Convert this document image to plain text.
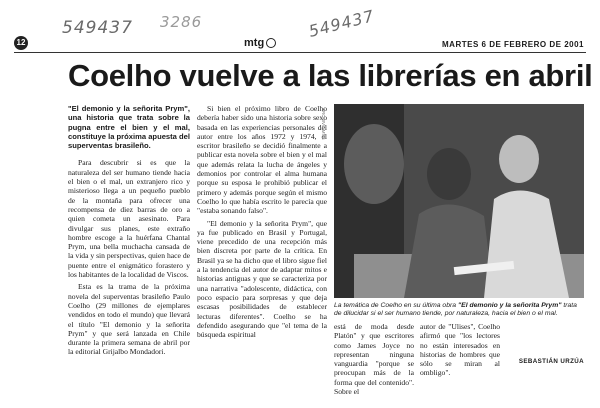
549437 3286	549437
12	mtg	MARTES 6 DE FEBRERO DE 2001
Coelho vuelve a las librerías en abril

"El demonio y la señorita Prym", una historia que trata sobre la pugna entre el bien y el mal, constituye la próxima apuesta del superventas brasileño.

Para descubrir si es que la naturaleza del ser humano tiende hacia el bien o el mal, un extranjero rico y misterioso llega a un pequeño pueblo de la montaña para ofrecer una recompensa de diez barras de oro a quien cometa un asesinato. Para divulgar sus planes, este extraño hombre escoge a la huérfana Chantal Prym, una bella muchacha cansada de la vida y sin perspectivas, quien hace de puente entre el enigmático forastero y los habitantes de la localidad de Viscos.

Esta es la trama de la próxima novela del superventas brasileño Paulo Coelho (29 millones de ejemplares vendidos en todo el mundo) que llevará el título "El demonio y la señorita Prym" y que será lanzada en Chile durante la primera semana de abril por la editorial Grijalbo Mondadori.

Si bien el próximo libro de Coelho debería haber sido una historia sobre sexo basada en las experiencias personales del autor entre los años 1972 y 1974, el escritor brasileño se decidió finalmente a publicar esta novela sobre el bien y el mal que además relata la lucha de ángeles y demonios por controlar el alma humana porque su esposa le prohibió publicar el primero y además porque según el mismo Coelho lo que había escrito le parecía que "estaba sonando falso".

"El demonio y la señorita Prym", que ya fue publicado en Brasil y Portugal, viene precedido de una recepción más bien discreta por parte de la crítica. En Brasil ya se ha dicho que el libro sigue fiel a la tendencia del autor de adaptar mitos e historias antiguas y que se caracteriza por una narrativa "adolescente, didáctica, con poco espacio para sorpresas y que deja escasas posibilidades de establecer lecturas diferentes". Coelho se ha defendido asegurando que "el tema de la búsqueda espiritual

ARCHIVO MTG
La temática de Coelho en su última obra "El demonio y la señorita Prym" trata de dilucidar si el ser humano tiende, por naturaleza, hacia el bien o el mal.
está de moda desde Platón" y que escritores como James Joyce no representan ninguna vanguardia "porque se preocupan más de la forma que del contenido". Sobre el
autor de "Ulises", Coelho afirmó que "los lectores no están interesados en historias de hombres que sólo se miran al ombligo".
SEBASTIÁN URZÚA
